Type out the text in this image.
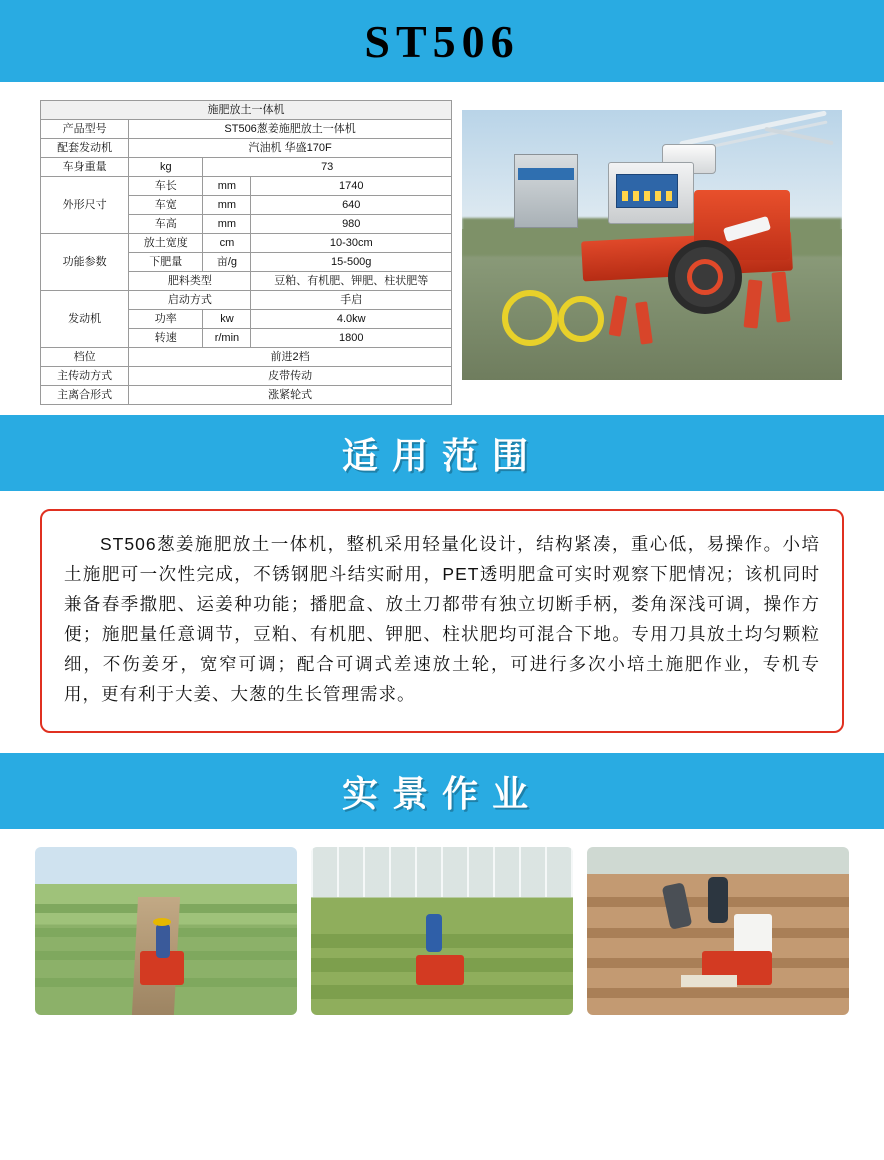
ST506
施肥放土一体机			
产品型号	ST506葱姜施肥放土一体机		
配套发动机	汽油机 华盛170F		
车身重量	kg	73	
外形尺寸	车长	mm	1740
	车宽	mm	640
	车高	mm	980
功能参数	放土宽度	cm	10-30cm
	下肥量	亩/g	15-500g
	肥料类型		豆粕、有机肥、钾肥、柱状肥等
发动机	启动方式		手启
	功率	kw	4.0kw
	转速	r/min	1800
档位	前进2档		
主传动方式	皮带传动		
主离合形式	涨紧轮式		
适用范围
ST506葱姜施肥放土一体机，整机采用轻量化设计，结构紧凑，重心低，易操作。小培土施肥可一次性完成，不锈钢肥斗结实耐用，PET透明肥盒可实时观察下肥情况；该机同时兼备春季撒肥、运姜种功能；播肥盒、放土刀都带有独立切断手柄，娄角深浅可调，操作方便；施肥量任意调节，豆粕、有机肥、钾肥、柱状肥均可混合下地。专用刀具放土均匀颗粒细，不伤姜牙，宽窄可调；配合可调式差速放土轮，可进行多次小培土施肥作业，专机专用，更有利于大姜、大葱的生长管理需求。
实景作业
